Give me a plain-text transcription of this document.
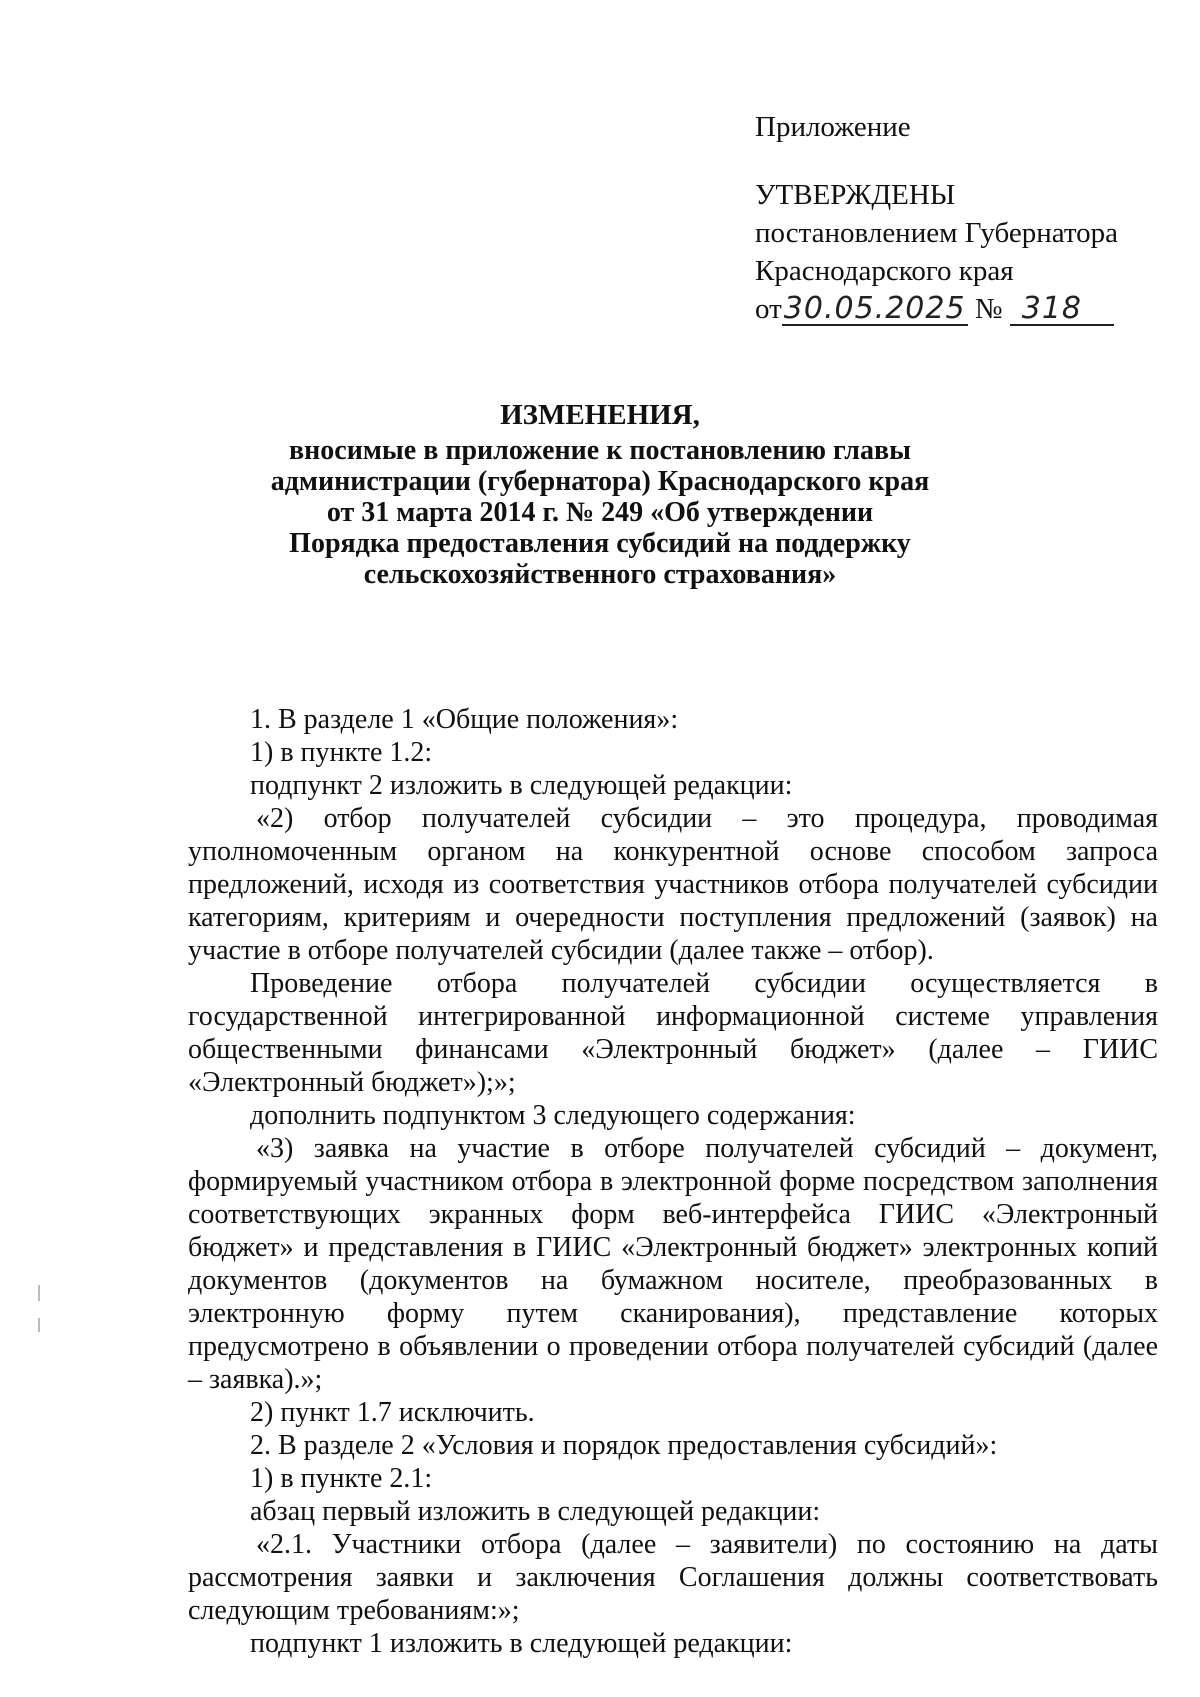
Приложение
УТВЕРЖДЕНЫ
постановлением Губернатора
Краснодарского края
от30.05.2025 № 318
ИЗМЕНЕНИЯ,
вносимые в приложение к постановлению главы
администрации (губернатора) Краснодарского края
от 31 марта 2014 г. № 249 «Об утверждении
Порядка предоставления субсидий на поддержку
сельскохозяйственного страхования»

1. В разделе 1 «Общие положения»:

1) в пункте 1.2:

подпункт 2 изложить в следующей редакции:

«2) отбор получателей субсидии – это процедура, проводимая уполномоченным органом на конкурентной основе способом запроса предложений, исходя из соответствия участников отбора получателей субсидии категориям, критериям и очередности поступления предложений (заявок) на участие в отборе получателей субсидии (далее также – отбор).

Проведение отбора получателей субсидии осуществляется в государственной интегрированной информационной системе управления общественными финансами «Электронный бюджет» (далее – ГИИС «Электронный бюджет»);»;

дополнить подпунктом 3 следующего содержания:

«3) заявка на участие в отборе получателей субсидий – документ, формируемый участником отбора в электронной форме посредством заполнения соответствующих экранных форм веб-интерфейса ГИИС «Электронный бюджет» и представления в ГИИС «Электронный бюджет» электронных копий документов (документов на бумажном носителе, преобразованных в электронную форму путем сканирования), представление которых предусмотрено в объявлении о проведении отбора получателей субсидий (далее – заявка).»;

2) пункт 1.7 исключить.

2. В разделе 2 «Условия и порядок предоставления субсидий»:

1) в пункте 2.1:

абзац первый изложить в следующей редакции:

«2.1. Участники отбора (далее – заявители) по состоянию на даты рассмотрения заявки и заключения Соглашения должны соответствовать следующим требованиям:»;

подпункт 1 изложить в следующей редакции:
